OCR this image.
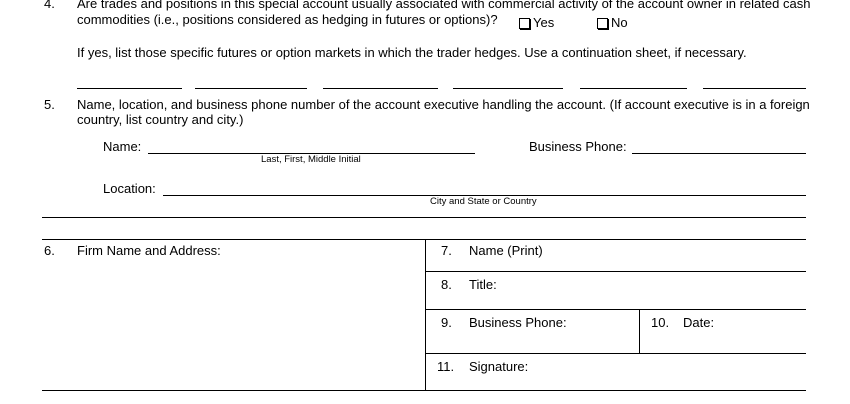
4. Are trades and positions in this special account usually associated with commercial activity of the account owner in related cash
commodities (i.e., positions considered as hedging in futures or options)?	Yes	No
If yes, list those specific futures or option markets in which the trader hedges. Use a continuation sheet, if necessary.
5. Name, location, and business phone number of the account executive handling the account. (If account executive is in a foreign
country, list country and city.)
Name:
Last, First, Middle Initial
Business Phone:
Location:
City and State or Country
6. Firm Name and Address:	7. Name (Print)
8. Title:
9. Business Phone:	10. Date:
11. Signature:
